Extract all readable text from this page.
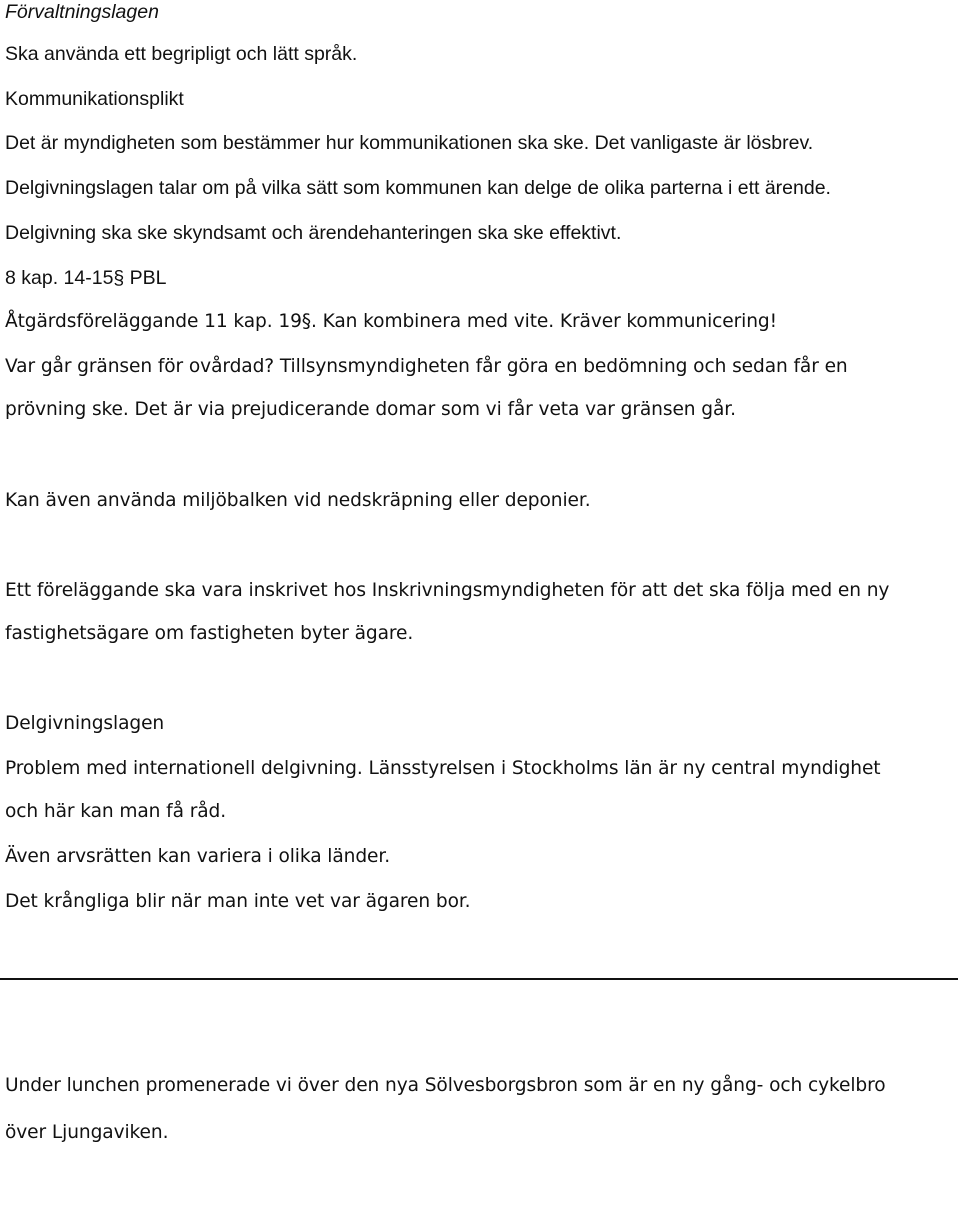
Förvaltningslagen
Ska använda ett begripligt och lätt språk.
Kommunikationsplikt
Det är myndigheten som bestämmer hur kommunikationen ska ske. Det vanligaste är lösbrev.
Delgivningslagen talar om på vilka sätt som kommunen kan delge de olika parterna i ett ärende.
Delgivning ska ske skyndsamt och ärendehanteringen ska ske effektivt.
8 kap. 14-15§ PBL
Åtgärdsföreläggande 11 kap. 19§. Kan kombinera med vite. Kräver kommunicering!
Var går gränsen för ovårdad? Tillsynsmyndigheten får göra en bedömning och sedan får en
prövning ske. Det är via prejudicerande domar som vi får veta var gränsen går.
Kan även använda miljöbalken vid nedskräpning eller deponier.
Ett föreläggande ska vara inskrivet hos Inskrivningsmyndigheten för att det ska följa med en ny
fastighetsägare om fastigheten byter ägare.
Delgivningslagen
Problem med internationell delgivning. Länsstyrelsen i Stockholms län är ny central myndighet
och här kan man få råd.
Även arvsrätten kan variera i olika länder.
Det krångliga blir när man inte vet var ägaren bor.
Under lunchen promenerade vi över den nya Sölvesborgsbron som är en ny gång- och cykelbro
över Ljungaviken.
